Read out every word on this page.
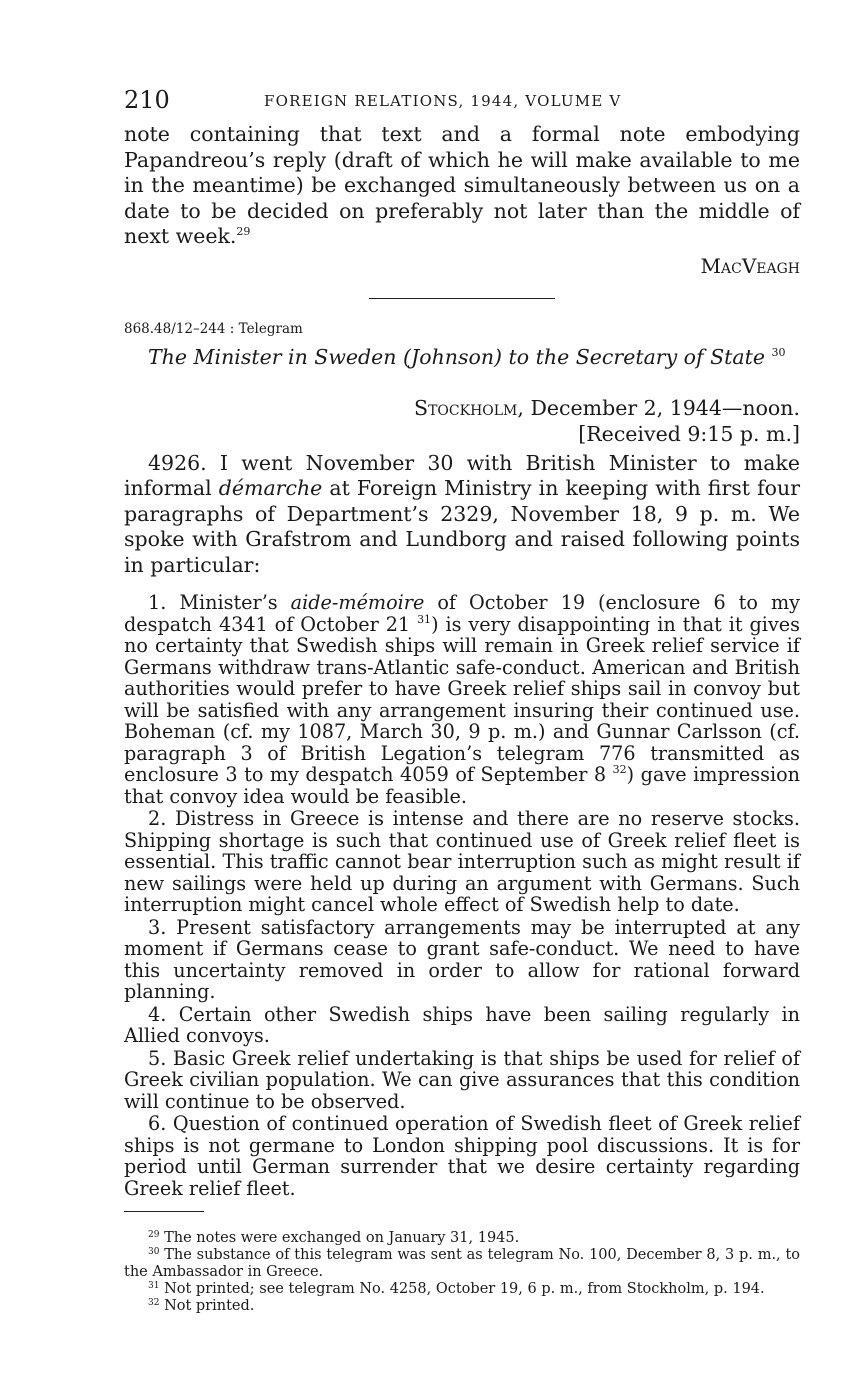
210	FOREIGN RELATIONS, 1944, VOLUME V

note containing that text and a formal note embodying Papandreou’s reply (draft of which he will make available to me in the meantime) be exchanged simultaneously between us on a date to be decided on preferably not later than the middle of next week.$^{29}$

MacVeagh

868.48/12–244 : Telegram

The Minister in Sweden (Johnson) to the Secretary of State $^{30}$

Stockholm, December 2, 1944—noon.
[Received 9:15 p. m.]

4926. I went November 30 with British Minister to make informal démarche at Foreign Ministry in keeping with first four paragraphs of Department’s 2329, November 18, 9 p. m. We spoke with Grafstrom and Lundborg and raised following points in particular:

1. Minister’s aide-mémoire of October 19 (enclosure 6 to my despatch 4341 of October 21 $^{31}$) is very disappointing in that it gives no certainty that Swedish ships will remain in Greek relief service if Germans withdraw trans-Atlantic safe-conduct. American and British authorities would prefer to have Greek relief ships sail in convoy but will be satisfied with any arrangement insuring their continued use. Boheman (cf. my 1087, March 30, 9 p. m.) and Gunnar Carlsson (cf. paragraph 3 of British Legation’s telegram 776 transmitted as enclosure 3 to my despatch 4059 of September 8 $^{32}$) gave impression that convoy idea would be feasible.

2. Distress in Greece is intense and there are no reserve stocks. Shipping shortage is such that continued use of Greek relief fleet is essential. This traffic cannot bear interruption such as might result if new sailings were held up during an argument with Germans. Such interruption might cancel whole effect of Swedish help to date.

3. Present satisfactory arrangements may be interrupted at any moment if Germans cease to grant safe-conduct. We need to have this uncertainty removed in order to allow for rational forward planning.

4. Certain other Swedish ships have been sailing regularly in Allied convoys.

5. Basic Greek relief undertaking is that ships be used for relief of Greek civilian population. We can give assurances that this condition will continue to be observed.

6. Question of continued operation of Swedish fleet of Greek relief ships is not germane to London shipping pool discussions. It is for period until German surrender that we desire certainty regarding Greek relief fleet.

$^{29}$ The notes were exchanged on January 31, 1945.

$^{30}$ The substance of this telegram was sent as telegram No. 100, December 8, 3 p. m., to the Ambassador in Greece.

$^{31}$ Not printed; see telegram No. 4258, October 19, 6 p. m., from Stockholm, p. 194.

$^{32}$ Not printed.
